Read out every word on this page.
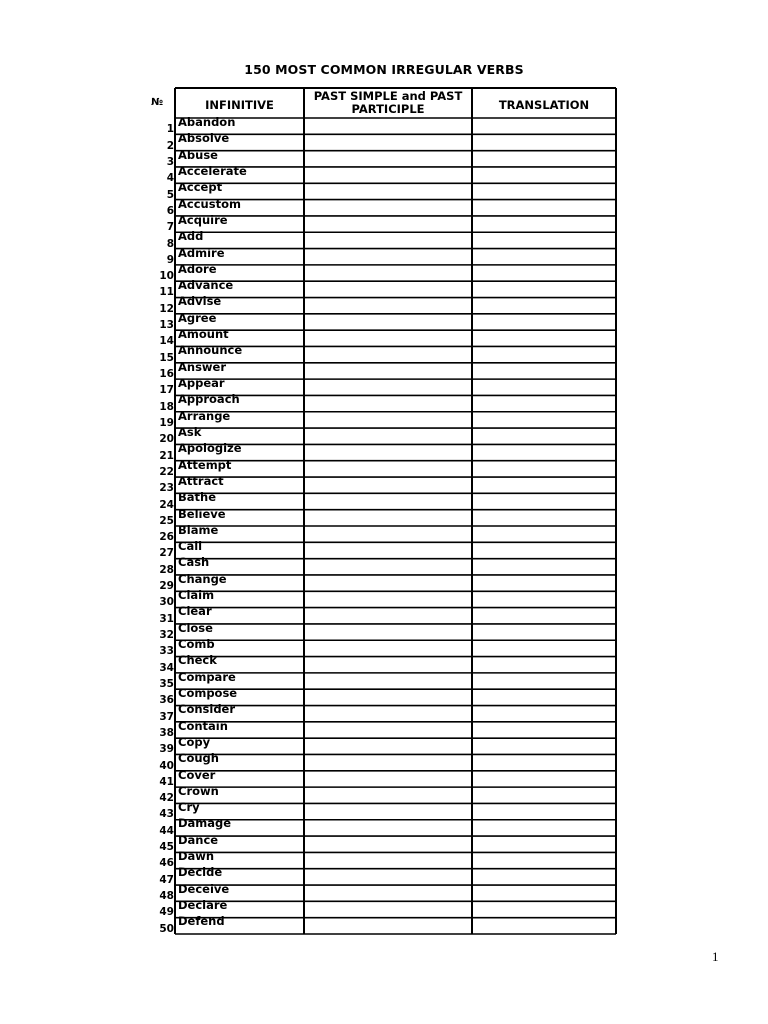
150 MOST COMMON IRREGULAR VERBS
№	INFINITIVE
PAST SIMPLE and PAST PARTICIPLE	TRANSLATION
1
Abandon
2
Absolve
3
Abuse
4
Accelerate
5
Accept
6
Accustom
7
Acquire
8
Add
9
Admire
10
Adore
11
Advance
12
Advise
13
Agree
14
Amount
15
Announce
16
Answer
17
Appear
18
Approach
19
Arrange
20
Ask
21
Apologize
22
Attempt
23
Attract
24
Bathe
25
Believe
26
Blame
27
Call
28
Cash
29
Change
30
Claim
31
Clear
32
Close
33
Comb
34
Check
35
Compare
36
Compose
37
Consider
38
Contain
39
Copy
40
Cough
41
Cover
42
Crown
43
Cry
44
Damage
45
Dance
46
Dawn
47
Decide
48
Deceive
49
Declare
50
Defend
1
